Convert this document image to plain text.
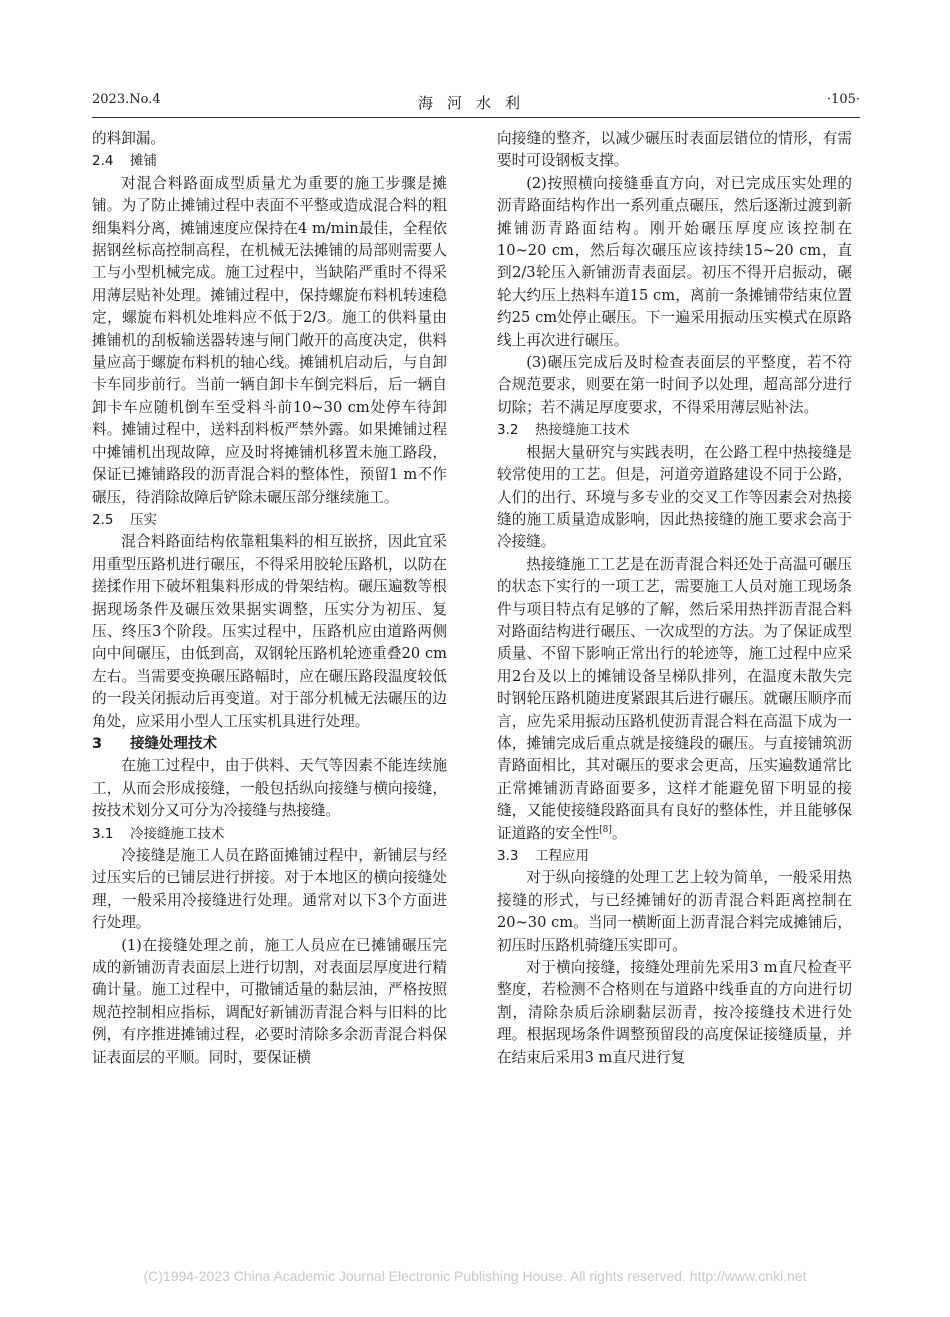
2023.No.4	海河水利	·105·

的料卸漏。

2.4 摊铺

对混合料路面成型质量尤为重要的施工步骤是摊铺。为了防止摊铺过程中表面不平整或造成混合料的粗细集料分离，摊铺速度应保持在4 m/min最佳，全程依据钢丝标高控制高程，在机械无法摊铺的局部则需要人工与小型机械完成。施工过程中，当缺陷严重时不得采用薄层贴补处理。摊铺过程中，保持螺旋布料机转速稳定，螺旋布料机处堆料应不低于2/3。施工的供料量由摊铺机的刮板输送器转速与闸门敞开的高度决定，供料量应高于螺旋布料机的轴心线。摊铺机启动后，与自卸卡车同步前行。当前一辆自卸卡车倒完料后，后一辆自卸卡车应随机倒车至受料斗前10~30 cm处停车待卸料。摊铺过程中，送料刮料板严禁外露。如果摊铺过程中摊铺机出现故障，应及时将摊铺机移置未施工路段，保证已摊铺路段的沥青混合料的整体性，预留1 m不作碾压，待消除故障后铲除未碾压部分继续施工。

2.5 压实

混合料路面结构依靠粗集料的相互嵌挤，因此宜采用重型压路机进行碾压，不得采用胶轮压路机，以防在搓揉作用下破坏粗集料形成的骨架结构。碾压遍数等根据现场条件及碾压效果据实调整，压实分为初压、复压、终压3个阶段。压实过程中，压路机应由道路两侧向中间碾压，由低到高，双钢轮压路机轮迹重叠20 cm左右。当需要变换碾压路幅时，应在碾压路段温度较低的一段关闭振动后再变道。对于部分机械无法碾压的边角处，应采用小型人工压实机具进行处理。

3 接缝处理技术

在施工过程中，由于供料、天气等因素不能连续施工，从而会形成接缝，一般包括纵向接缝与横向接缝，按技术划分又可分为冷接缝与热接缝。

3.1 冷接缝施工技术

冷接缝是施工人员在路面摊铺过程中，新铺层与经过压实后的已铺层进行拼接。对于本地区的横向接缝处理，一般采用冷接缝进行处理。通常对以下3个方面进行处理。

(1)在接缝处理之前，施工人员应在已摊铺碾压完成的新铺沥青表面层上进行切割，对表面层厚度进行精确计量。施工过程中，可撒铺适量的黏层油，严格按照规范控制相应指标，调配好新铺沥青混合料与旧料的比例，有序推进摊铺过程，必要时清除多余沥青混合料保证表面层的平顺。同时，要保证横

向接缝的整齐，以减少碾压时表面层错位的情形，有需要时可设钢板支撑。

(2)按照横向接缝垂直方向，对已完成压实处理的沥青路面结构作出一系列重点碾压，然后逐渐过渡到新摊铺沥青路面结构。刚开始碾压厚度应该控制在10~20 cm，然后每次碾压应该持续15~20 cm，直到2/3轮压入新铺沥青表面层。初压不得开启振动，碾轮大约压上热料车道15 cm，离前一条摊铺带结束位置约25 cm处停止碾压。下一遍采用振动压实模式在原路线上再次进行碾压。

(3)碾压完成后及时检查表面层的平整度，若不符合规范要求，则要在第一时间予以处理，超高部分进行切除；若不满足厚度要求，不得采用薄层贴补法。

3.2 热接缝施工技术

根据大量研究与实践表明，在公路工程中热接缝是较常使用的工艺。但是，河道旁道路建设不同于公路，人们的出行、环境与多专业的交叉工作等因素会对热接缝的施工质量造成影响，因此热接缝的施工要求会高于冷接缝。

热接缝施工工艺是在沥青混合料还处于高温可碾压的状态下实行的一项工艺，需要施工人员对施工现场条件与项目特点有足够的了解，然后采用热拌沥青混合料对路面结构进行碾压、一次成型的方法。为了保证成型质量、不留下影响正常出行的轮迹等，施工过程中应采用2台及以上的摊铺设备呈梯队排列，在温度未散失完时钢轮压路机随进度紧跟其后进行碾压。就碾压顺序而言，应先采用振动压路机使沥青混合料在高温下成为一体，摊铺完成后重点就是接缝段的碾压。与直接铺筑沥青路面相比，其对碾压的要求会更高，压实遍数通常比正常摊铺沥青路面要多，这样才能避免留下明显的接缝，又能使接缝段路面具有良好的整体性，并且能够保证道路的安全性[8]。

3.3 工程应用

对于纵向接缝的处理工艺上较为简单，一般采用热接缝的形式，与已经摊铺好的沥青混合料距离控制在20~30 cm。当同一横断面上沥青混合料完成摊铺后，初压时压路机骑缝压实即可。

对于横向接缝，接缝处理前先采用3 m直尺检查平整度，若检测不合格则在与道路中线垂直的方向进行切割，清除杂质后涂刷黏层沥青，按冷接缝技术进行处理。根据现场条件调整预留段的高度保证接缝质量，并在结束后采用3 m直尺进行复

(C)1994-2023 China Academic Journal Electronic Publishing House. All rights reserved. http://www.cnki.net
